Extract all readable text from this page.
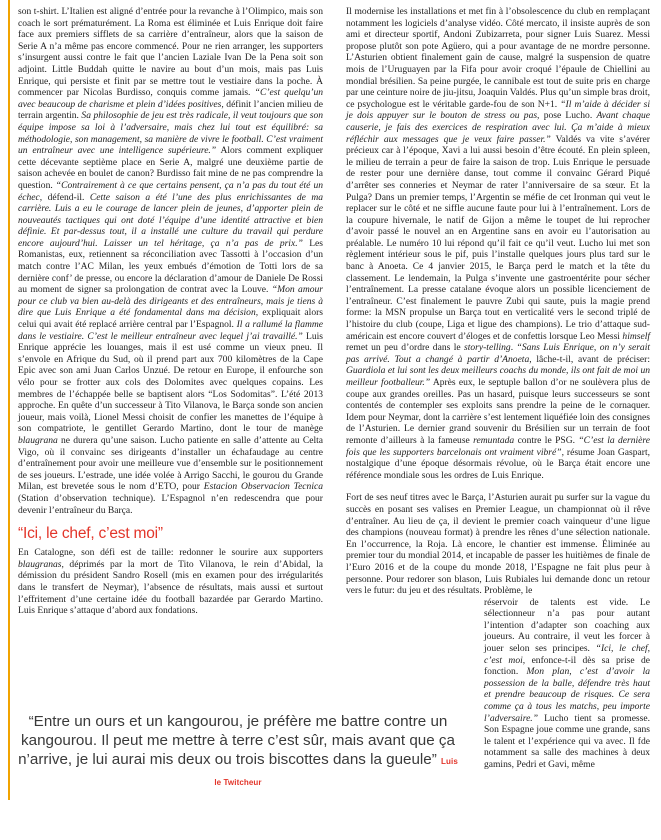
son t-shirt. L’Italien est aligné d’entrée pour la revanche à l’Olimpico, mais son coach le sort prématurément. La Roma est éliminée et Luis Enrique doit faire face aux premiers sifflets de sa carrière d’entraîneur, alors que la saison de Serie A n’a même pas encore commencé. Pour ne rien arranger, les supporters s’insurgent aussi contre le fait que l’ancien Laziale Ivan De la Pena soit son adjoint. Little Buddah quitte le navire au bout d’un mois, mais pas Luis Enrique, qui persiste et finit par se mettre tout le vestiaire dans la poche. À commencer par Nicolas Burdisso, conquis comme jamais. “C’est quelqu’un avec beaucoup de charisme et plein d’idées positives, définit l’ancien milieu de terrain argentin. Sa philosophie de jeu est très radicale, il veut toujours que son équipe impose sa loi à l’adversaire, mais chez lui tout est équilibré: sa méthodologie, son management, sa manière de vivre le football. C’est vraiment un entraîneur avec une intelligence supérieure.” Alors comment expliquer cette décevante septième place en Serie A, malgré une deuxième partie de saison achevée en boulet de canon? Burdisso fait mine de ne pas comprendre la question. “Contrairement à ce que certains pensent, ça n’a pas du tout été un échec, défend-il. Cette saison a été l’une des plus enrichissantes de ma carrière. Luis a eu le courage de lancer plein de jeunes, d’apporter plein de nouveautés tactiques qui ont doté l’équipe d’une identité attractive et bien définie. Et par-dessus tout, il a installé une culture du travail qui perdure encore aujourd’hui. Laisser un tel héritage, ça n’a pas de prix.” Les Romanistas, eux, retiennent sa réconciliation avec Tassotti à l’occasion d’un match contre l’AC Milan, les yeux embués d’émotion de Totti lors de sa dernière conf’ de presse, ou encore la déclaration d’amour de Daniele De Rossi au moment de signer sa prolongation de contrat avec la Louve. “Mon amour pour ce club va bien au-delà des dirigeants et des entraîneurs, mais je tiens à dire que Luis Enrique a été fondamental dans ma décision, expliquait alors celui qui avait été replacé arrière central par l’Espagnol. Il a rallumé la flamme dans le vestiaire. C’est le meilleur entraîneur avec lequel j’ai travaillé.” Luis Enrique apprécie les louanges, mais il est usé comme un vieux pneu. Il s’envole en Afrique du Sud, où il prend part aux 700 kilomètres de la Cape Epic avec son ami Juan Carlos Unzué. De retour en Europe, il enfourche son vélo pour se frotter aux cols des Dolomites avec quelques copains. Les membres de l’échappée belle se baptisent alors “Los Sodomitas”. L’été 2013 approche. En quête d’un successeur à Tito Vilanova, le Barça sonde son ancien joueur, mais voilà, Lionel Messi choisit de confier les manettes de l’équipe à son compatriote, le gentillet Gerardo Martino, dont le tour de manège blaugrana ne durera qu’une saison. Lucho patiente en salle d’attente au Celta Vigo, où il convainc ses dirigeants d’installer un échafaudage au centre d’entraînement pour avoir une meilleure vue d’ensemble sur le positionnement de ses joueurs. L’estrade, une idée volée à Arrigo Sacchi, le gourou du Grande Milan, est brevetée sous le nom d’ETO, pour Estacion Observacion Tecnica (Station d’observation technique). L’Espagnol n’en redescendra que pour devenir l’entraîneur du Barça.

“Ici, le chef, c’est moi”

En Catalogne, son défi est de taille: redonner le sourire aux supporters blaugranas, déprimés par la mort de Tito Vilanova, le rein d’Abidal, la démission du président Sandro Rosell (mis en examen pour des irrégularités dans le transfert de Neymar), l’absence de résultats, mais aussi et surtout l’effritement d’une certaine idée du football bazardée par Gerardo Martino. Luis Enrique s’attaque d’abord aux fondations.

Il modernise les installations et met fin à l’obsolescence du club en remplaçant notamment les logiciels d’analyse vidéo. Côté mercato, il insiste auprès de son ami et directeur sportif, Andoni Zubizarreta, pour signer Luis Suarez. Messi propose plutôt son pote Agüero, qui a pour avantage de ne mordre personne. L’Asturien obtient finalement gain de cause, malgré la suspension de quatre mois de l’Uruguayen par la Fifa pour avoir croqué l’épaule de Chiellini au mondial brésilien. Sa peine purgée, le cannibale est tout de suite pris en charge par une ceinture noire de jiu-jitsu, Joaquin Valdés. Plus qu’un simple bras droit, ce psychologue est le véritable garde-fou de son N+1. “Il m’aide à décider si je dois appuyer sur le bouton de stress ou pas, pose Lucho. Avant chaque causerie, je fais des exercices de respiration avec lui. Ça m’aide à mieux réfléchir aux messages que je veux faire passer.” Valdés va vite s’avérer précieux car à l’époque, Xavi a lui aussi besoin d’être écouté. En plein spleen, le milieu de terrain a peur de faire la saison de trop. Luis Enrique le persuade de rester pour une dernière danse, tout comme il convainc Gérard Piqué d’arrêter ses conneries et Neymar de rater l’anniversaire de sa sœur. Et la Pulga? Dans un premier temps, l’Argentin se méfie de cet Ironman qui veut le replacer sur le côté et ne siffle aucune faute pour lui à l’entraînement. Lors de la coupure hivernale, le natif de Gijon a même le toupet de lui reprocher d’avoir passé le nouvel an en Argentine sans en avoir eu l’autorisation au préalable. Le numéro 10 lui répond qu’il fait ce qu’il veut. Lucho lui met son règlement intérieur sous le pif, puis l’installe quelques jours plus tard sur le banc à Anoeta. Ce 4 janvier 2015, le Barça perd le match et la tête du classement. Le lendemain, la Pulga s’invente une gastroentérite pour sécher l’entraînement. La presse catalane évoque alors un possible licenciement de l’entraîneur. C’est finalement le pauvre Zubi qui saute, puis la magie prend forme: la MSN propulse un Barça tout en verticalité vers le second triplé de l’histoire du club (coupe, Liga et ligue des champions). Le trio d’attaque sud-américain est encore couvert d’éloges et de confettis lorsque Leo Messi himself remet un peu d’ordre dans le story-telling. “Sans Luis Enrique, on n’y serait pas arrivé. Tout a changé à partir d’Anoeta, lâche-t-il, avant de préciser: Guardiola et lui sont les deux meilleurs coachs du monde, ils ont fait de moi un meilleur footballeur.” Après eux, le septuple ballon d’or ne soulèvera plus de coupe aux grandes oreilles. Pas un hasard, puisque leurs successeurs se sont contentés de contempler ses exploits sans prendre la peine de le cornaquer. Idem pour Neymar, dont la carrière s’est lentement liquéfiée loin des consignes de l’Asturien. Le dernier grand souvenir du Brésilien sur un terrain de foot remonte d’ailleurs à la fameuse remuntada contre le PSG. “C’est la dernière fois que les supporters barcelonais ont vraiment vibré”, résume Joan Gaspart, nostalgique d’une époque désormais révolue, où le Barça était encore une référence mondiale sous les ordres de Luis Enrique.

Fort de ses neuf titres avec le Barça, l’Asturien aurait pu surfer sur la vague du succès en posant ses valises en Premier League, un championnat où il rêve d’entraîner. Au lieu de ça, il devient le premier coach vainqueur d’une ligue des champions (nouveau format) à prendre les rênes d’une sélection nationale. En l’occurrence, la Roja. Là encore, le chantier est immense. Éliminée au premier tour du mondial 2014, et incapable de passer les huitièmes de finale de l’Euro 2016 et de la coupe du monde 2018, l’Espagne ne fait plus peur à personne. Pour redorer son blason, Luis Rubiales lui demande donc un retour vers le futur: du jeu et des résultats. Problème, le

réservoir de talents est vide. Le sélectionneur n’a pas pour autant l’intention d’adapter son coaching aux joueurs. Au contraire, il veut les forcer à jouer selon ses principes. “Ici, le chef, c’est moi, enfonce-t-il dès sa prise de fonction. Mon plan, c’est d’avoir la possession de la balle, défendre très haut et prendre beaucoup de risques. Ce sera comme ça à tous les matchs, peu importe l’adversaire.” Lucho tient sa promesse. Son Espagne joue comme une grande, sans le talent et l’expérience qui va avec. Il fde notamment sa salle des machines à deux gamins, Pedri et Gavi, même

“Entre un ours et un kangourou, je préfère me battre contre un kangourou. Il peut me mettre à terre c’est sûr, mais avant que ça n’arrive, je lui aurai mis deux ou trois biscottes dans la gueule” Luis le Twitcheur
